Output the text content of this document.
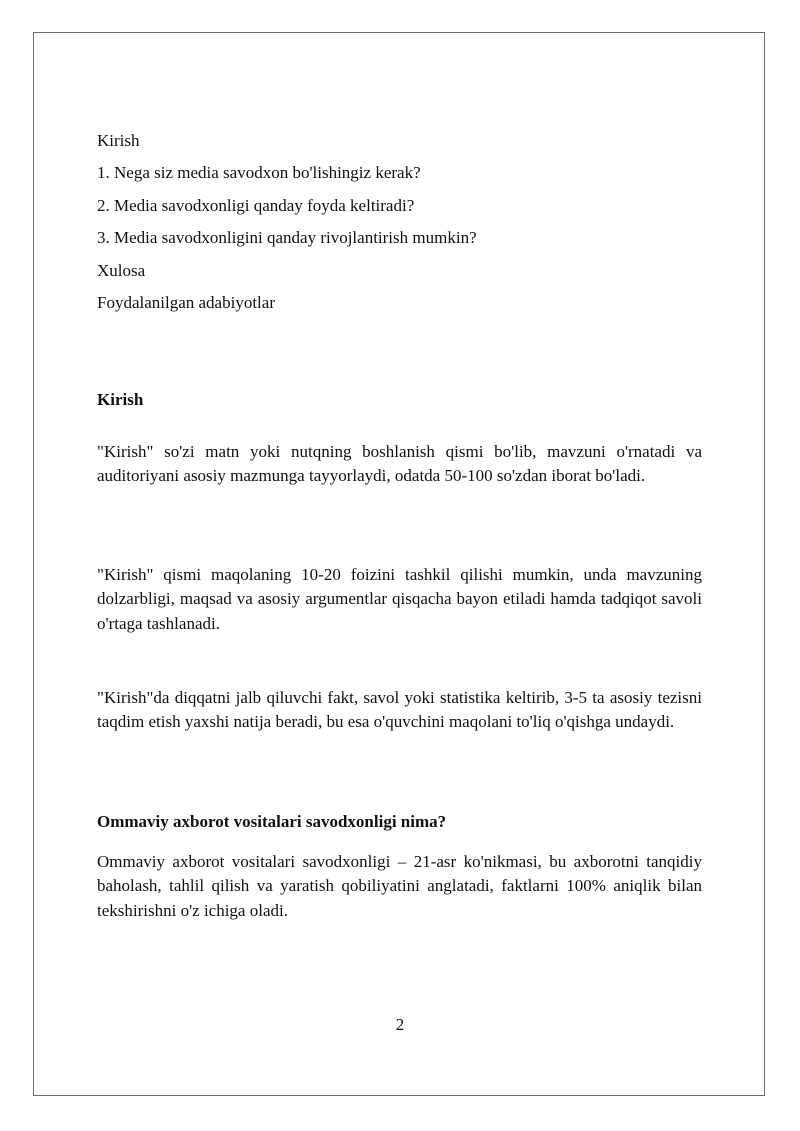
Kirish
1. Nega siz media savodxon bo'lishingiz kerak?
2. Media savodxonligi qanday foyda keltiradi?
3. Media savodxonligini qanday rivojlantirish mumkin?
Xulosa
Foydalanilgan adabiyotlar
Kirish
"Kirish" so'zi matn yoki nutqning boshlanish qismi bo'lib, mavzuni o'rnatadi va auditoriyani asosiy mazmunga tayyorlaydi, odatda 50-100 so'zdan iborat bo'ladi.
"Kirish" qismi maqolaning 10-20 foizini tashkil qilishi mumkin, unda mavzuning dolzarbligi, maqsad va asosiy argumentlar qisqacha bayon etiladi hamda tadqiqot savoli o'rtaga tashlanadi.
"Kirish"da diqqatni jalb qiluvchi fakt, savol yoki statistika keltirib, 3-5 ta asosiy tezisni taqdim etish yaxshi natija beradi, bu esa o'quvchini maqolani to'liq o'qishga undaydi.
Ommaviy axborot vositalari savodxonligi nima?
Ommaviy axborot vositalari savodxonligi – 21-asr ko'nikmasi, bu axborotni tanqidiy baholash, tahlil qilish va yaratish qobiliyatini anglatadi, faktlarni 100% aniqlik bilan tekshirishni o'z ichiga oladi.
2
